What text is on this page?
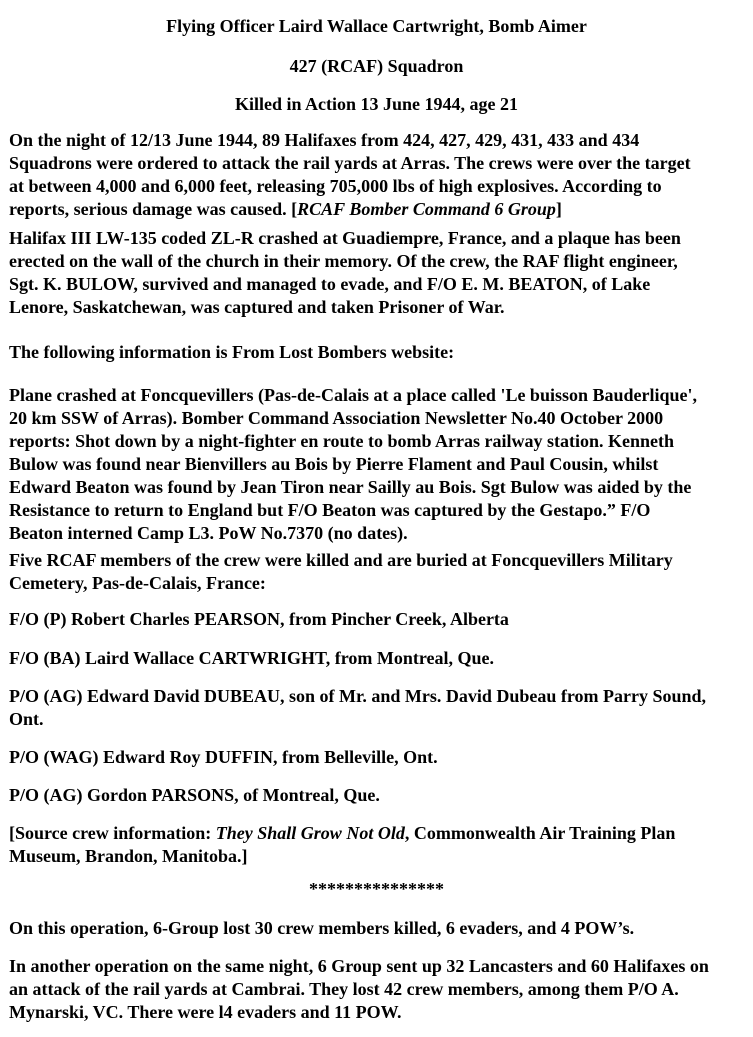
Flying Officer Laird Wallace Cartwright, Bomb Aimer

427 (RCAF) Squadron

Killed in Action 13 June 1944, age 21

On the night of 12/13 June 1944, 89 Halifaxes from 424, 427, 429, 431, 433 and 434

Squadrons were ordered to attack the rail yards at Arras. The crews were over the target

at between 4,000 and 6,000 feet, releasing 705,000 lbs of high explosives. According to

reports, serious damage was caused. [RCAF Bomber Command 6 Group]

Halifax III LW-135 coded ZL-R crashed at Guadiempre, France, and a plaque has been

erected on the wall of the church in their memory. Of the crew, the RAF flight engineer,

Sgt. K. BULOW, survived and managed to evade, and F/O E. M. BEATON, of Lake

Lenore, Saskatchewan, was captured and taken Prisoner of War.

The following information is From Lost Bombers website:

Plane crashed at Foncquevillers (Pas-de-Calais at a place called 'Le buisson Bauderlique',

20 km SSW of Arras). Bomber Command Association Newsletter No.40 October 2000

reports: Shot down by a night-fighter en route to bomb Arras railway station. Kenneth

Bulow was found near Bienvillers au Bois by Pierre Flament and Paul Cousin, whilst

Edward Beaton was found by Jean Tiron near Sailly au Bois. Sgt Bulow was aided by the

Resistance to return to England but F/O Beaton was captured by the Gestapo.” F/O

Beaton interned Camp L3. PoW No.7370 (no dates).

Five RCAF members of the crew were killed and are buried at Foncquevillers Military

Cemetery, Pas-de-Calais, France:

F/O (P) Robert Charles PEARSON, from Pincher Creek, Alberta

F/O (BA) Laird Wallace CARTWRIGHT, from Montreal, Que.

P/O (AG) Edward David DUBEAU, son of Mr. and Mrs. David Dubeau from Parry Sound,

Ont.

P/O (WAG) Edward Roy DUFFIN, from Belleville, Ont.

P/O (AG) Gordon PARSONS, of Montreal, Que.

[Source crew information: They Shall Grow Not Old, Commonwealth Air Training Plan

Museum, Brandon, Manitoba.]

***************

On this operation, 6-Group lost 30 crew members killed, 6 evaders, and 4 POW’s.

In another operation on the same night, 6 Group sent up 32 Lancasters and 60 Halifaxes on

an attack of the rail yards at Cambrai. They lost 42 crew members, among them P/O A.

Mynarski, VC. There were l4 evaders and 11 POW.
